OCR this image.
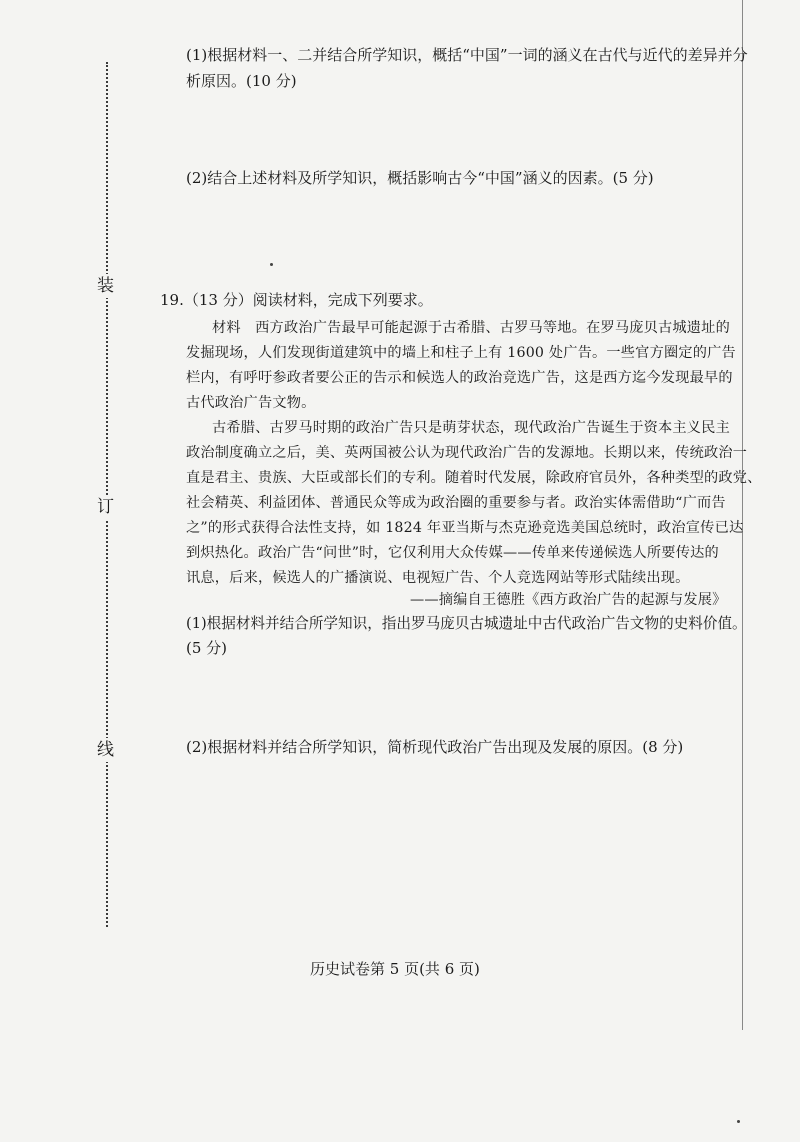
装
订
线
(1)根据材料一、二并结合所学知识，概括“中国”一词的涵义在古代与近代的差异并分
析原因。(10 分)
(2)结合上述材料及所学知识，概括影响古今“中国”涵义的因素。(5 分)
19.（13 分）阅读材料，完成下列要求。
材料　西方政治广告最早可能起源于古希腊、古罗马等地。在罗马庞贝古城遗址的
发掘现场，人们发现街道建筑中的墙上和柱子上有 1600 处广告。一些官方圈定的广告
栏内，有呼吁参政者要公正的告示和候选人的政治竞选广告，这是西方迄今发现最早的
古代政治广告文物。
古希腊、古罗马时期的政治广告只是萌芽状态，现代政治广告诞生于资本主义民主
政治制度确立之后，美、英两国被公认为现代政治广告的发源地。长期以来，传统政治一
直是君主、贵族、大臣或部长们的专利。随着时代发展，除政府官员外，各种类型的政党、
社会精英、利益团体、普通民众等成为政治圈的重要参与者。政治实体需借助“广而告
之”的形式获得合法性支持，如 1824 年亚当斯与杰克逊竞选美国总统时，政治宣传已达
到炽热化。政治广告“问世”时，它仅利用大众传媒——传单来传递候选人所要传达的
讯息，后来，候选人的广播演说、电视短广告、个人竞选网站等形式陆续出现。
——摘编自王德胜《西方政治广告的起源与发展》
(1)根据材料并结合所学知识，指出罗马庞贝古城遗址中古代政治广告文物的史料价值。
(5 分)
(2)根据材料并结合所学知识，简析现代政治广告出现及发展的原因。(8 分)
历史试卷第 5 页(共 6 页)
